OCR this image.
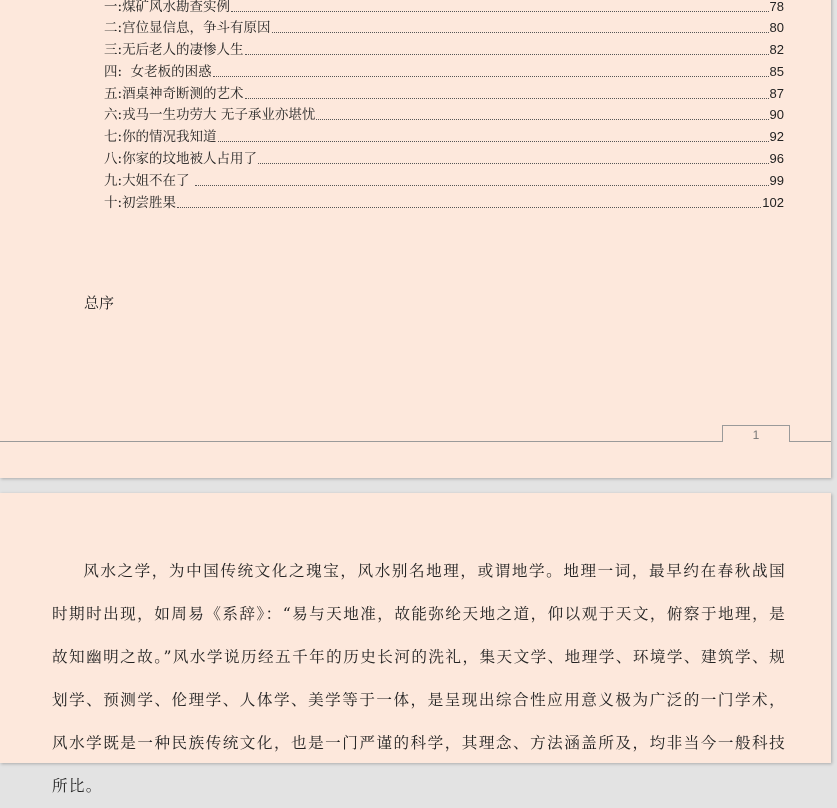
一: 煤矿风水勘查实例	78
二: 宫位显信息，争斗有原因	80
三: 无后老人的凄惨人生	82
四: 女老板的困惑	85
五: 酒桌神奇断测的艺术	87
六: 戎马一生功劳大 无子承业亦堪忧	90
七: 你的情况我知道	92
八: 你家的坟地被人占用了	96
九: 大姐不在了	99
十: 初尝胜果	102
总序
1

风水之学，为中国传统文化之瑰宝，风水别名地理，或谓地学。地理一词，最早约在春秋战国时期时出现，如周易《系辞》：“易与天地准，故能弥纶天地之道，仰以观于天文，俯察于地理，是故知幽明之故。”风水学说历经五千年的历史长河的洗礼，集天文学、地理学、环境学、建筑学、规划学、预测学、伦理学、人体学、美学等于一体，是呈现出综合性应用意义极为广泛的一门学术，风水学既是一种民族传统文化，也是一门严谨的科学，其理念、方法涵盖所及，均非当今一般科技所比。
